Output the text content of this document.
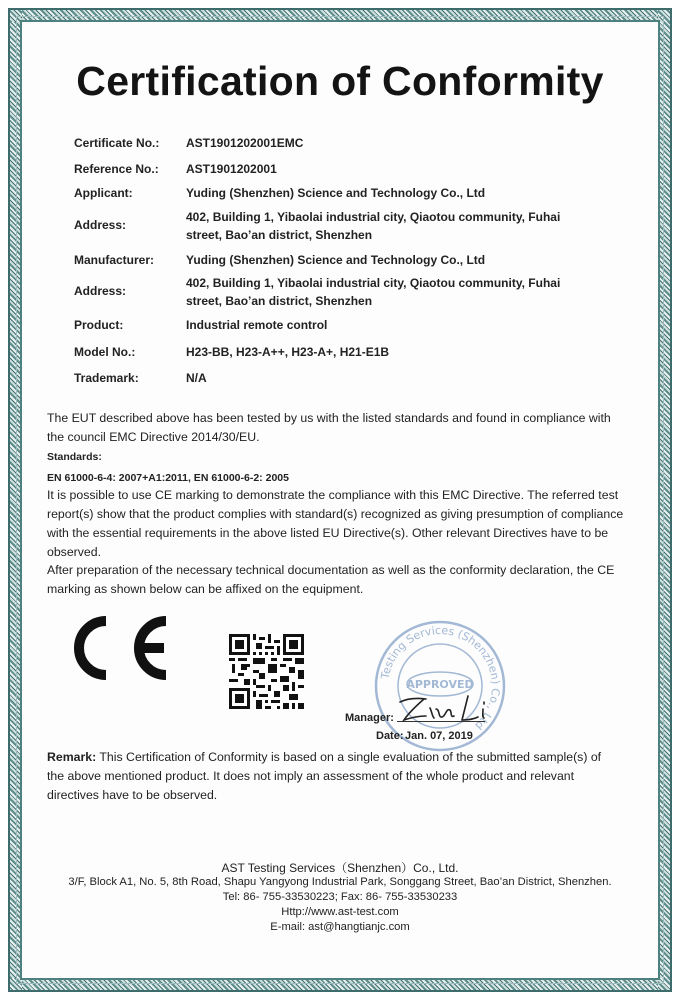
Certification of Conformity
Certificate No.: AST1901202001EMC
Reference No.: AST1901202001
Applicant:	Yuding (Shenzhen) Science and Technology Co., Ltd
Address:
402, Building 1, Yibaolai industrial city, Qiaotou community, Fuhai
street, Bao’an district, Shenzhen
Manufacturer:	Yuding (Shenzhen) Science and Technology Co., Ltd
Address:
402, Building 1, Yibaolai industrial city, Qiaotou community, Fuhai
street, Bao’an district, Shenzhen
Product:	Industrial remote control
Model No.:	H23-BB, H23-A++, H23-A+, H21-E1B
Trademark:	N/A
The EUT described above has been tested by us with the listed standards and found in compliance with
the council EMC Directive 2014/30/EU.
Standards:
EN 61000-6-4: 2007+A1:2011, EN 61000-6-2: 2005
It is possible to use CE marking to demonstrate the compliance with this EMC Directive. The referred test
report(s) show that the product complies with standard(s) recognized as giving presumption of compliance
with the essential requirements in the above listed EU Directive(s). Other relevant Directives have to be
observed.
After preparation of the necessary technical documentation as well as the conformity declaration, the CE
marking as shown below can be affixed on the equipment.
Testing Services (Shenzhen) Co., Ltd
APPROVED
Manager:
Date: Jan. 07, 2019
Remark: This Certification of Conformity is based on a single evaluation of the submitted sample(s) of
the above mentioned product. It does not imply an assessment of the whole product and relevant
directives have to be observed.
AST Testing Services（Shenzhen）Co., Ltd.
3/F, Block A1, No. 5, 8th Road, Shapu Yangyong Industrial Park, Songgang Street, Bao’an District, Shenzhen.
Tel: 86- 755-33530223; Fax: 86- 755-33530233
Http://www.ast-test.com
E-mail: ast@hangtianjc.com
